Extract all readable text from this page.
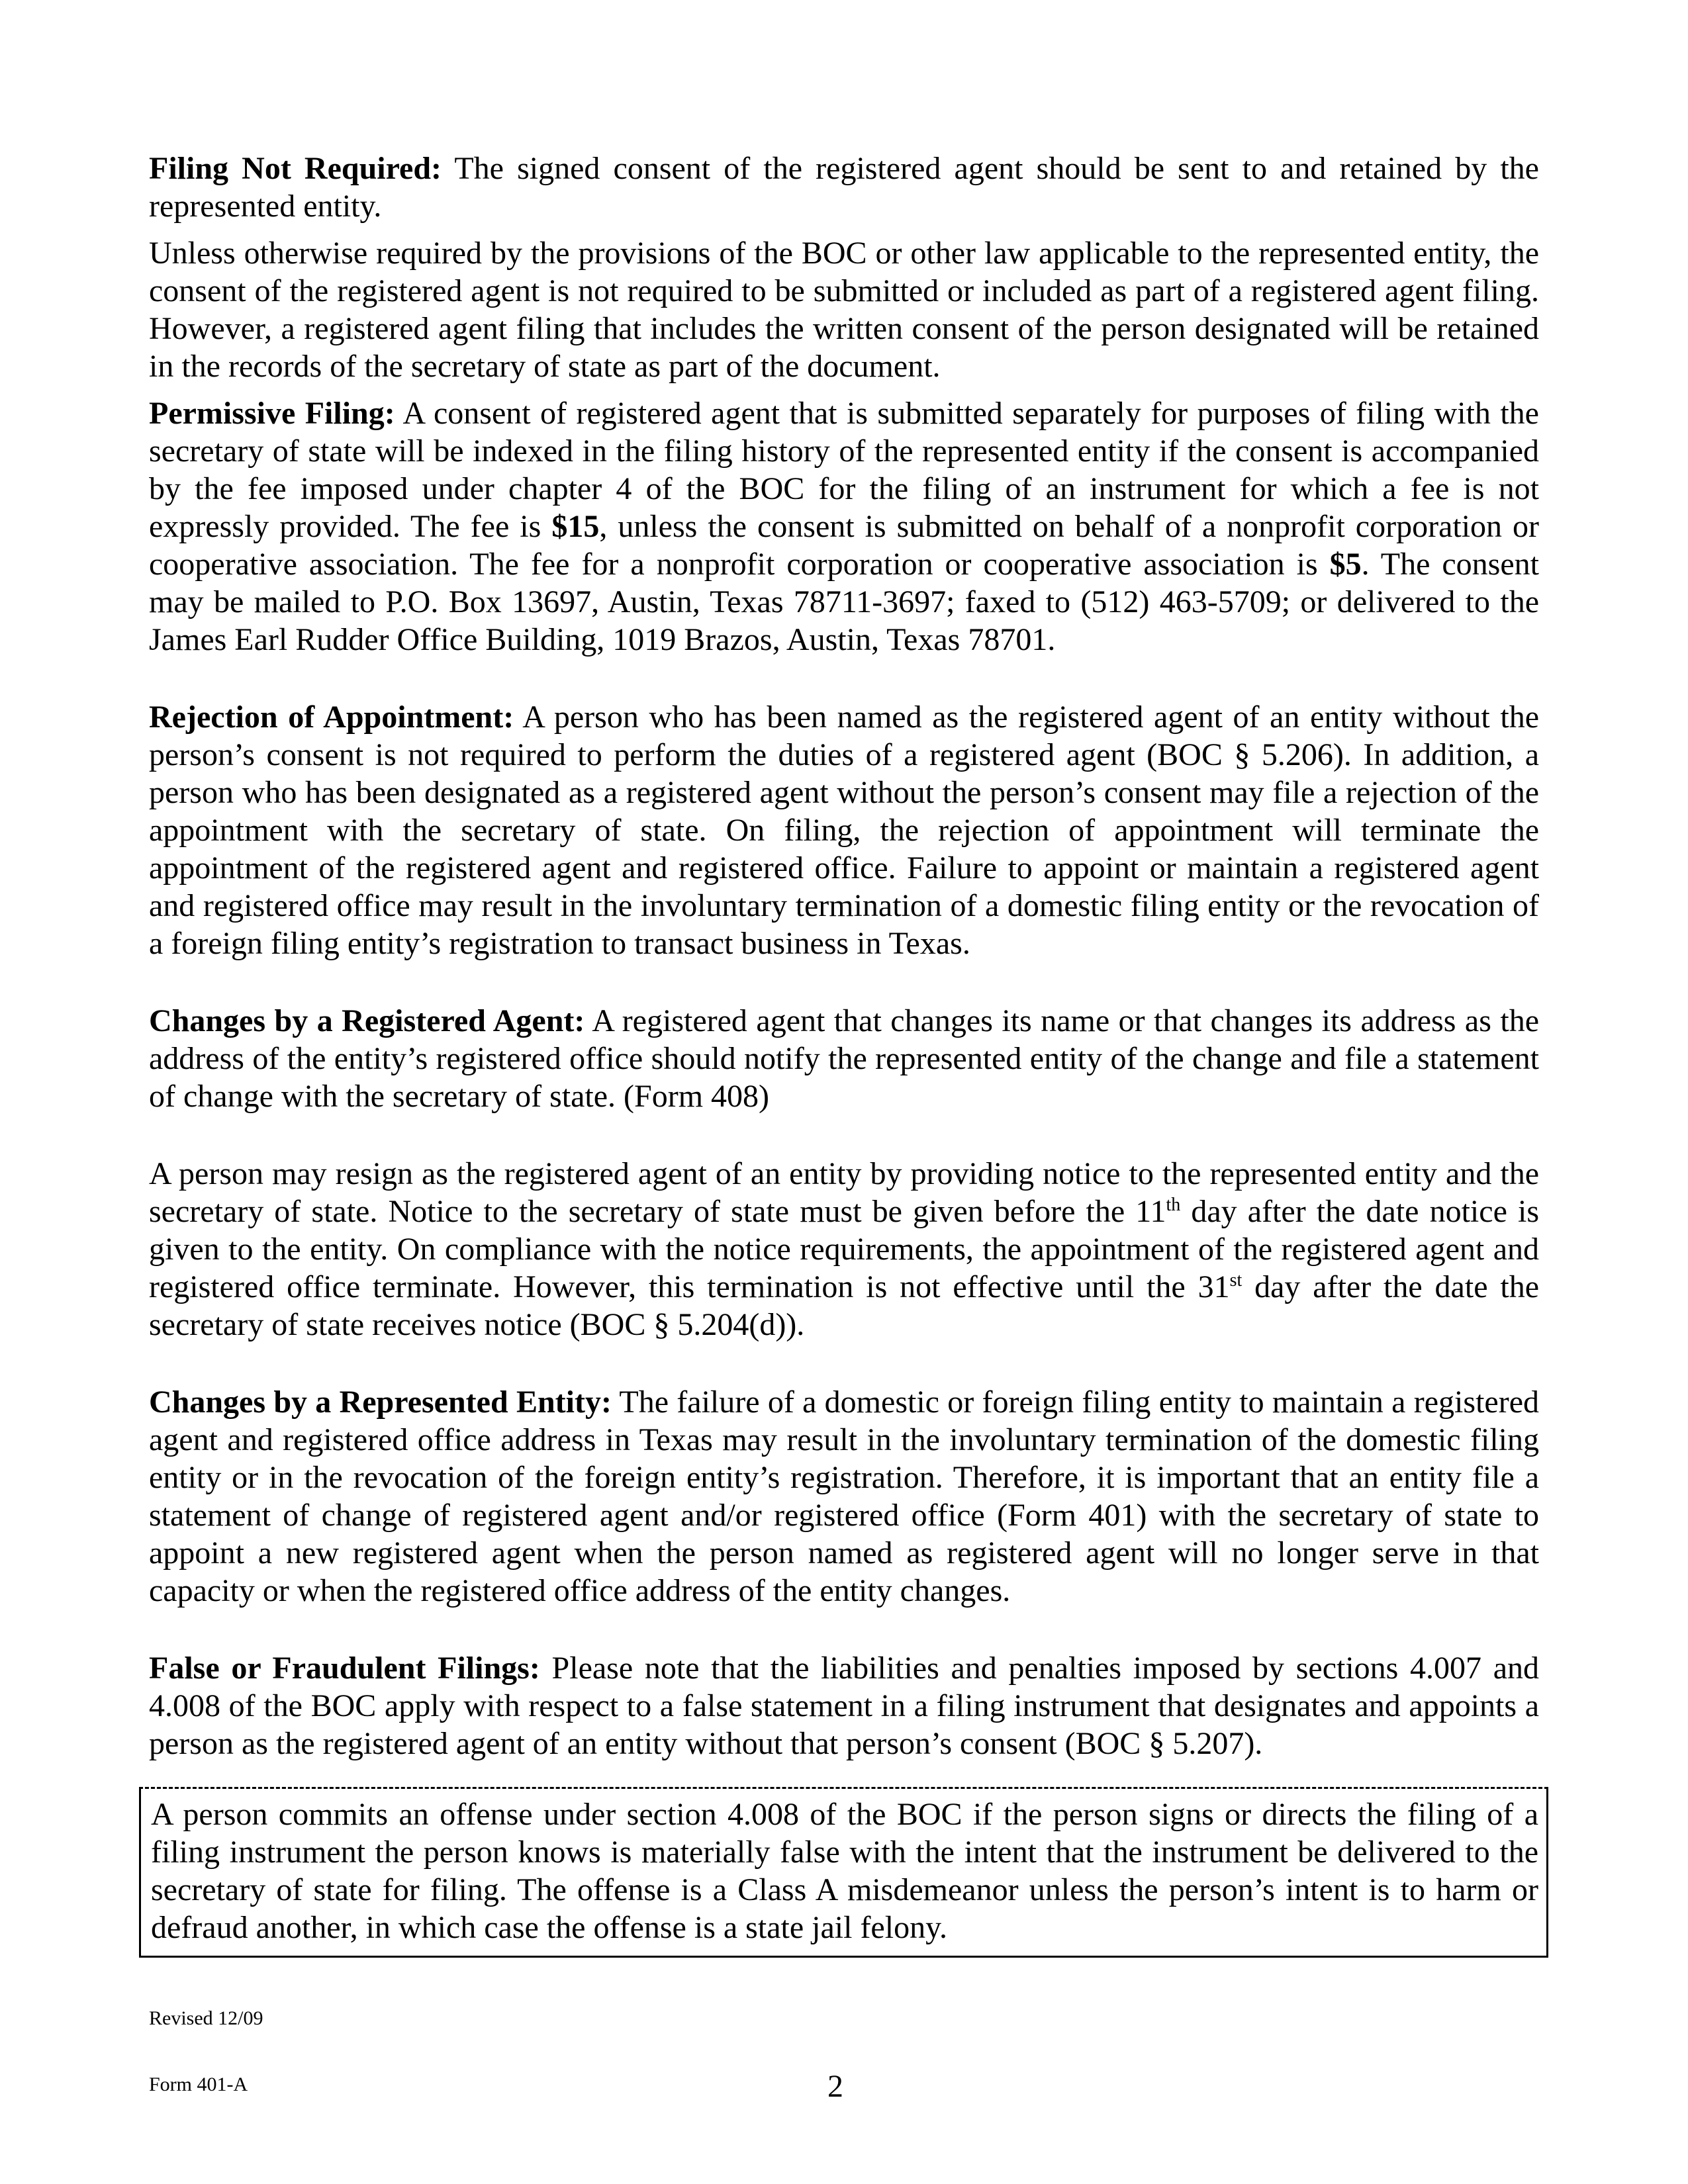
Filing Not Required: The signed consent of the registered agent should be sent to and retained by the represented entity.

Unless otherwise required by the provisions of the BOC or other law applicable to the represented entity, the consent of the registered agent is not required to be submitted or included as part of a registered agent filing. However, a registered agent filing that includes the written consent of the person designated will be retained in the records of the secretary of state as part of the document.

Permissive Filing: A consent of registered agent that is submitted separately for purposes of filing with the secretary of state will be indexed in the filing history of the represented entity if the consent is accompanied by the fee imposed under chapter 4 of the BOC for the filing of an instrument for which a fee is not expressly provided. The fee is $15, unless the consent is submitted on behalf of a nonprofit corporation or cooperative association. The fee for a nonprofit corporation or cooperative association is $5. The consent may be mailed to P.O. Box 13697, Austin, Texas 78711-3697; faxed to (512) 463-5709; or delivered to the James Earl Rudder Office Building, 1019 Brazos, Austin, Texas 78701.

Rejection of Appointment: A person who has been named as the registered agent of an entity without the person’s consent is not required to perform the duties of a registered agent (BOC § 5.206). In addition, a person who has been designated as a registered agent without the person’s consent may file a rejection of the appointment with the secretary of state. On filing, the rejection of appointment will terminate the appointment of the registered agent and registered office. Failure to appoint or maintain a registered agent and registered office may result in the involuntary termination of a domestic filing entity or the revocation of a foreign filing entity’s registration to transact business in Texas.

Changes by a Registered Agent: A registered agent that changes its name or that changes its address as the address of the entity’s registered office should notify the represented entity of the change and file a statement of change with the secretary of state. (Form 408)

A person may resign as the registered agent of an entity by providing notice to the represented entity and the secretary of state. Notice to the secretary of state must be given before the 11th day after the date notice is given to the entity. On compliance with the notice requirements, the appointment of the registered agent and registered office terminate. However, this termination is not effective until the 31st day after the date the secretary of state receives notice (BOC § 5.204(d)).

Changes by a Represented Entity: The failure of a domestic or foreign filing entity to maintain a registered agent and registered office address in Texas may result in the involuntary termination of the domestic filing entity or in the revocation of the foreign entity’s registration. Therefore, it is important that an entity file a statement of change of registered agent and/or registered office (Form 401) with the secretary of state to appoint a new registered agent when the person named as registered agent will no longer serve in that capacity or when the registered office address of the entity changes.

False or Fraudulent Filings: Please note that the liabilities and penalties imposed by sections 4.007 and 4.008 of the BOC apply with respect to a false statement in a filing instrument that designates and appoints a person as the registered agent of an entity without that person’s consent (BOC § 5.207).

A person commits an offense under section 4.008 of the BOC if the person signs or directs the filing of a filing instrument the person knows is materially false with the intent that the instrument be delivered to the secretary of state for filing. The offense is a Class A misdemeanor unless the person’s intent is to harm or defraud another, in which case the offense is a state jail felony.

Revised 12/09
Form 401-A	2
